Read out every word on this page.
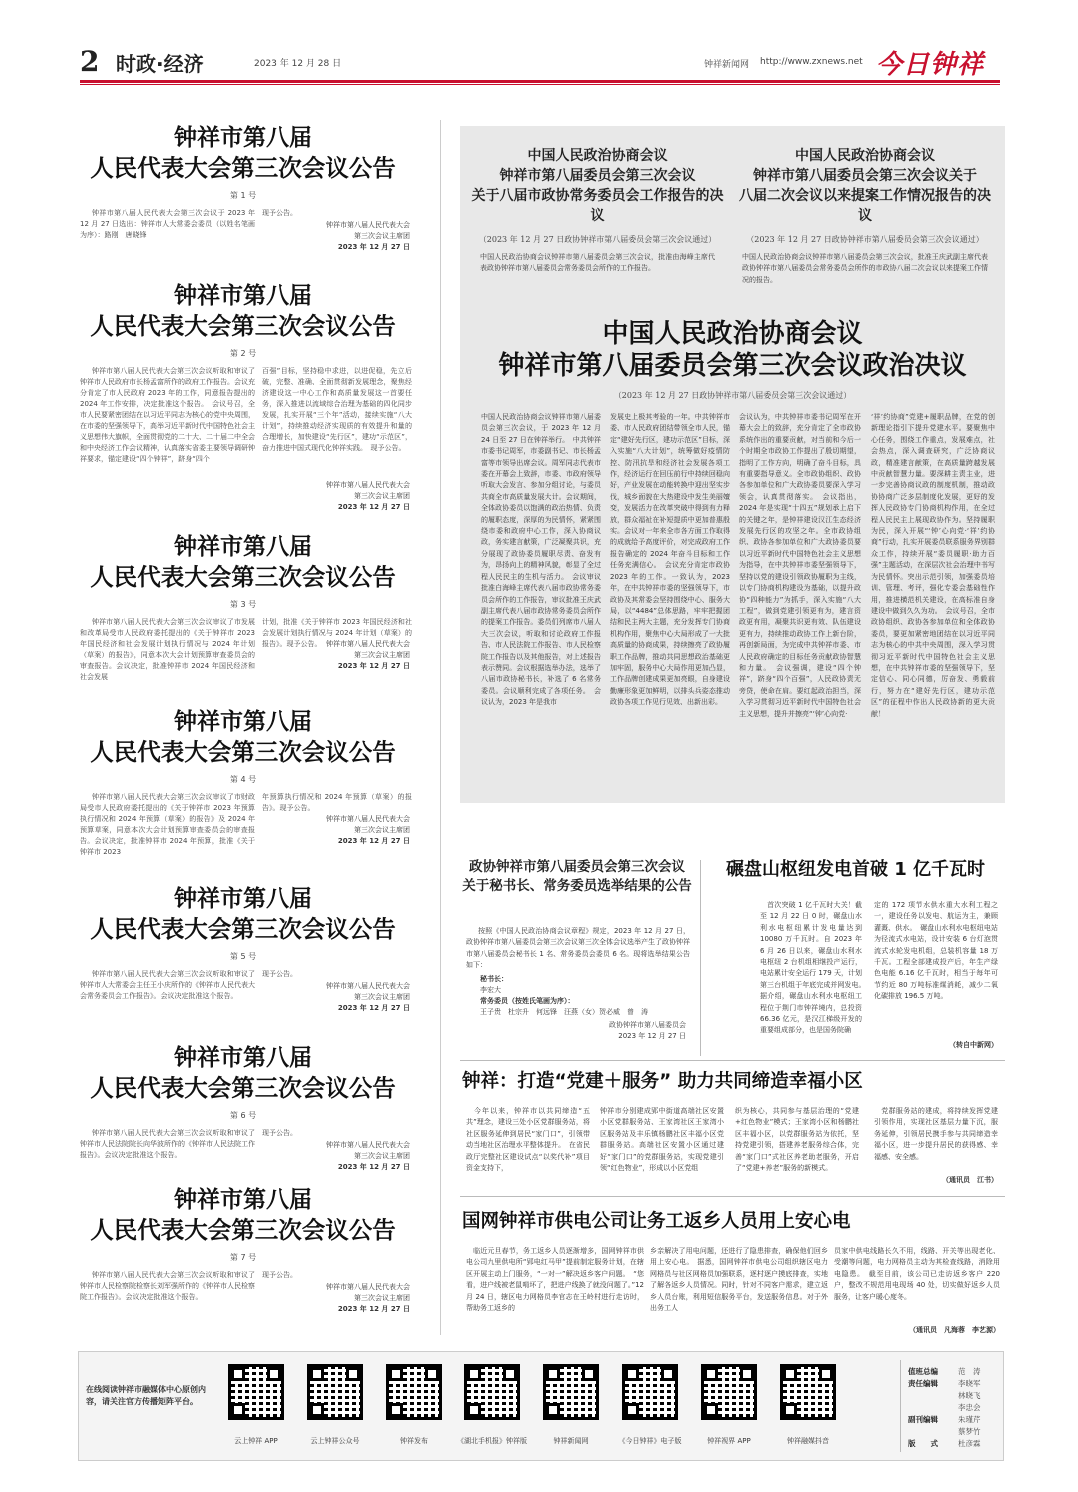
2 时政·经济	2023 年 12 月 28 日	钟祥新闻网 http://www.zxnews.net 今日钟祥
钟祥市第八届
人民代表大会第三次会议公告
第 1 号
钟祥市第八届人民代表大会第三次会议于 2023 年 12 月 27 日选出：钟祥市人大常委会委员（以姓名笔画为序）：路刚　唐晓锋
现予公告。
钟祥市第八届人民代表大会
第三次会议主席团
2023 年 12 月 27 日
钟祥市第八届
人民代表大会第三次会议公告
第 2 号
钟祥市第八届人民代表大会第三次会议听取和审议了钟祥市人民政府市长杨孟富所作的政府工作报告。会议充分肯定了市人民政府 2023 年的工作，同意报告提出的 2024 年工作安排，决定批准这个报告。　会议号召，全市人民要紧密团结在以习近平同志为核心的党中央周围，在市委的坚强领导下，高举习近平新时代中国特色社会主义思想伟大旗帜，全面贯彻党的二十大、二十届二中全会和中央经济工作会议精神，认真落实省委主要领导调研钟祥要求，锚定建设“四个钟祥”，跻身“四个
百强”目标，坚持稳中求进，以进促稳，先立后破，完整、准确、全面贯彻新发展理念，聚焦经济建设这一中心工作和高质量发展这一首要任务，深入推进以流域综合治理为基础的四化同步发展，扎实开展“三个年”活动，接续实施“八大计划”，持续推动经济实现质的有效提升和量的合理增长，加快建设“先行区”，建功“示范区”，奋力推进中国式现代化钟祥实践。　现予公告。
钟祥市第八届人民代表大会
第三次会议主席团
2023 年 12 月 27 日
钟祥市第八届
人民代表大会第三次会议公告
第 3 号
钟祥市第八届人民代表大会第三次会议审议了市发展和改革局受市人民政府委托提出的《关于钟祥市 2023 年国民经济和社会发展计划执行情况与 2024 年计划（草案）的报告》，同意本次大会计划预算审查委员会的审查报告。会议决定，批准钟祥市 2024 年国民经济和社会发展
计划，批准《关于钟祥市 2023 年国民经济和社会发展计划执行情况与 2024 年计划（草案）的报告》。现予公告。 钟祥市第八届人民代表大会
第三次会议主席团
2023 年 12 月 27 日
钟祥市第八届
人民代表大会第三次会议公告
第 4 号
钟祥市第八届人民代表大会第三次会议审议了市财政局受市人民政府委托提出的《关于钟祥市 2023 年预算执行情况和 2024 年预算（草案）的报告》及 2024 年预算草案，同意本次大会计划预算审查委员会的审查报告。会议决定，批准钟祥市 2024 年预算，批准《关于钟祥市 2023
年预算执行情况和 2024 年预算（草案）的报告》。现予公告。
钟祥市第八届人民代表大会
第三次会议主席团
2023 年 12 月 27 日
钟祥市第八届
人民代表大会第三次会议公告
第 5 号
钟祥市第八届人民代表大会第三次会议听取和审议了钟祥市人大常委会主任王小庆所作的《钟祥市人民代表大会常务委员会工作报告》。会议决定批准这个报告。
现予公告。
钟祥市第八届人民代表大会
第三次会议主席团
2023 年 12 月 27 日
钟祥市第八届
人民代表大会第三次会议公告
第 6 号
钟祥市第八届人民代表大会第三次会议听取和审议了钟祥市人民法院院长向华波所作的《钟祥市人民法院工作报告》。会议决定批准这个报告。
现予公告。
钟祥市第八届人民代表大会
第三次会议主席团
2023 年 12 月 27 日
钟祥市第八届
人民代表大会第三次会议公告
第 7 号
钟祥市第八届人民代表大会第三次会议听取和审议了钟祥市人民检察院检察长刘军强所作的《钟祥市人民检察院工作报告》。会议决定批准这个报告。
现予公告。
钟祥市第八届人民代表大会
第三次会议主席团
2023 年 12 月 27 日
中国人民政治协商会议
钟祥市第八届委员会第三次会议
关于八届市政协常务委员会工作报告的决议
（2023 年 12 月 27 日政协钟祥市第八届委员会第三次会议通过）
中国人民政治协商会议钟祥市第八届委员会第三次会议，批准由海峰主席代表政协钟祥市第八届委员会常务委员会所作的工作报告。
中国人民政治协商会议
钟祥市第八届委员会第三次会议关于
八届二次会议以来提案工作情况报告的决议
（2023 年 12 月 27 日政协钟祥市第八届委员会第三次会议通过）
中国人民政治协商会议钟祥市第八届委员会第三次会议，批准王庆武副主席代表政协钟祥市第八届委员会常务委员会所作的市政协八届二次会议以来提案工作情况的报告。
中国人民政治协商会议
钟祥市第八届委员会第三次会议政治决议
（2023 年 12 月 27 日政协钟祥市第八届委员会第三次会议通过）
中国人民政治协商会议钟祥市第八届委员会第三次会议，于 2023 年 12 月 24 日至 27 日在钟祥举行。　中共钟祥市委书记周军，市委副书记、市长杨孟富等市领导出席会议。周军同志代表市委在开幕会上致辞，市委、市政府领导听取大会发言、参加分组讨论，与委员共商全市高质量发展大计。会议期间，全体政协委员以饱满的政治热情、负责的履职态度，深厚的为民情怀，紧紧围绕市委和政府中心工作，深入协商议政，务实建言献策，广泛凝聚共识，充分展现了政协委员履职尽责、奋发有为，昂扬向上的精神风貌，彰显了全过程人民民主的生机与活力。　会议审议批准白海峰主席代表八届市政协常务委员会所作的工作报告，审议批准王庆武副主席代表八届市政协常务委员会所作的提案工作报告。委员们列席市八届人大三次会议，听取和讨论政府工作报告、市人民法院工作报告、市人民检察院工作报告以及其他报告，对上述报告表示赞同。会议根据选举办法，选举了八届市政协秘书长，补选了 6 名常务委员。会议顺利完成了各项任务。　会议认为，2023 年是我市
发展史上极其考验的一年。中共钟祥市委、市人民政府团结带领全市人民，锚定“建好先行区，建功示范区”目标，深入实施“八大计划”，统筹做好疫情防控、防汛抗旱和经济社会发展各项工作，经济运行在回压前行中持续回稳向好，产业发展在动能转换中迎出坚实步伐，城乡面貌在大热建设中发生美丽嬗变，发展活力在改革突破中得到有力释放，群众福祉在补短提质中更加普惠殷实。会议对一年来全市各方面工作取得的成就给予高度评价，对完成政府工作报告确定的 2024 年奋斗目标和工作任务充满信心。　会议充分肯定市政协 2023 年的工作。一致认为，2023 年，在中共钟祥市委的坚强领导下，市政协及其常委会坚持围绕中心、服务大局，以“4484”总体思路，牢牢把握团结和民主两大主题，充分发挥专门协商机构作用，聚焦中心大局形成了一大批高质量的协商成果，持续擦亮了政协履职工作品牌，推动共同思想政治基础更加牢固，服务中心大局作用更加凸显，工作品牌创建成果更加亮眼，自身建设勤廉形象更加鲜明，以排头兵姿态推动政协各项工作见行见效、出新出彩。
会议认为，中共钟祥市委书记周军在开幕大会上的致辞，充分肯定了全市政协系统作出的重要贡献，对当前和今后一个时期全市政协工作提出了殷切期望，指明了工作方向，明确了奋斗目标，具有重要指导意义。全市政协组织、政协各参加单位和广大政协委员要深入学习领会，认真贯彻落实。　会议指出，2024 年是实现“十四五”规划承上启下的关键之年，是钟祥建设汉江生态经济发展先行区的攻坚之年。全市政协组织、政协各参加单位和广大政协委员要以习近平新时代中国特色社会主义思想为指导，在中共钟祥市委坚强领导下，坚持以党的建设引领政协履职为主线，以专门协商机构建设为基础，以提升政协“四种能力”为抓手，深入实施“八大工程”，做到党建引领更有为，建言资政更有用，凝聚共识更有效、队伍建设更有力，持续推动政协工作上新台阶，再创新局面，为完成中共钟祥市委、市人民政府确定的目标任务贡献政协智慧和力量。　会议强调，建设“四个钟祥”，跻身“四个百强”，人民政协责无旁贷，使命在肩。要红起政治担当，深入学习贯彻习近平新时代中国特色社会主义思想，提升并擦亮“‘钟’心向党·
‘祥’约协商”党建+履职品牌，在党的创新理论指引下提升党建水平。要聚焦中心任务，围绕工作重点，发展难点，社会热点，深入调查研究，广泛协商议政，精准建言献策，在高质量跨越发展中贡献智慧力量。要深耕主责主业，进一步完善协商议政的制度机制，推动政协协商广泛多层制度化发展，更好的发挥人民政协专门协商机构作用，在全过程人民民主上展现政协作为。坚持履职为民，深入开展“‘钟’心向党·‘祥’约协商”行动，扎实开展委员联系服务界别群众工作，持续开展“委员履职·助力百强”主题活动，在深层次社会治理中书写为民情怀。突出示范引领，加强委员培训、管理、考评，强化专委会基础性作用，推进横范机关建设，在高标准自身建设中做到久久为功。　会议号召，全市政协组织、政协各参加单位和全体政协委员，要更加紧密地团结在以习近平同志为核心的中共中央周围，深入学习贯彻习近平新时代中国特色社会主义思想，在中共钟祥市委的坚强领导下，坚定信心、同心同德，厉奋发、勇毅前行，努力在“建好先行区，建功示范区”的征程中作出人民政协新的更大贡献！
政协钟祥市第八届委员会第三次会议
关于秘书长、常务委员选举结果的公告
按照《中国人民政治协商会议章程》规定，2023 年 12 月 27 日，政协钟祥市第八届委员会第三次会议第三次全体会议选举产生了政协钟祥市第八届委员会秘书长 1 名、常务委员会委员 6 名。现将选举结果公告如下：
秘书长：
李宏大
常务委员（按姓氏笔画为序）：
王子贵　杜宗升　何远锋　汪燕（女）贺必威　曾　涛
政协钟祥市第八届委员会
2023 年 12 月 27 日
碾盘山枢纽发电首破 1 亿千瓦时
　首次突破 1 亿千瓦时大关！截至 12 月 22 日 0 时，碾盘山水利水电枢纽累计发电量达到 10080 万千瓦时。自 2023 年 6 月 26 日以来，碾盘山水利水电枢纽 2 台机组相继投产运行，电站累计安全运行 179 天，计划第三台机组于年底完成并网发电。　据介绍，碾盘山水利水电枢纽工程位于荆门市钟祥境内，总投资 66.36 亿元，是汉江梯级开发的重要组成部分，也是国务院确
定的 172 项节水供水重大水利工程之一，建设任务以发电、航运为主，兼顾灌溉、供水。　碾盘山水利水电枢纽电站为径流式水电站，设计安装 6 台灯泡贯流式水轮发电机组，总装机容量 18 万千瓦。工程全部建成投产后，年生产绿色电能 6.16 亿千瓦时，相当于每年可节约近 80 万吨标准煤消耗，减少二氧化碳排放 196.5 万吨。
（转自中新网）
钟祥：打造“党建＋服务” 助力共同缔造幸福小区
　今年以来，钟祥市以共同缔造“五共”理念，建设三处小区党群服务站，将社区服务延伸到居民“家门口”，引领带动当地社区治理水平整体提升。　在省民政厅完整社区建设试点“以奖代补”项目资金支持下，
钟祥市分别建成郢中街道高端社区安置小区党群服务站、王家湾社区王家湾小区服务站及丰乐镇杨鹏社区丰福小区党群服务站。高端社区安置小区通过建好“家门口”的党群服务站，实现党建引领“红色物业”，形成以小区党组
织为核心，共同参与基层治理的“党建+红色物业”模式；王家湾小区和杨鹏社区丰福小区，以党群服务站为依托，坚持党建引领，搭建养老服务综合体，完善“家门口”式社区养老助老服务，开启了“党建+养老”服务的新模式。
　党群服务站的建成，将持续发挥党建引领作用，实现社区基层力量下沉，服务延伸，引领居民携手参与共同缔造幸福小区，进一步提升居民的获得感、幸福感、安全感。
（通讯员　江书）
国网钟祥市供电公司让务工返乡人员用上安心电
　临近元旦春节，务工返乡人员逐渐增多，国网钟祥市供电公司九里供电所“郢电红马甲”提前制定服务计划，在辖区开展主动上门服务，“一对一”解决返乡客户问题。　“您看，进户线被老鼠啃坏了，把进户线换了就没问题了。”12 月 24 日，辖区电力网格员李官志在王岭村进行走访时，帮助务工返乡的
乡亲解决了用电问题，还进行了隐患排查，确保他们回乡用上安心电。　据悉，国网钟祥市供电公司组织辖区电力网格员与社区网格员加强联系，逐村逐户摸底排查，实地了解各返乡人员情况。同时，针对不同客户需求，建立返乡人员台账，利用短信服务平台，发送服务信息。对于外出务工人
员家中供电线路长久不用，线路、开关等出现老化、受潮等问题，电力网格员主动为其检查线路，消除用电隐患。　截至目前，该公司已走访返乡客户 220 户，整改不规范用电现场 40 处，切实做好返乡人员服务，让客户暖心度冬。
（通讯员　凡海蓉　李艺源）
在线阅读钟祥市融媒体中心原创内容，请关注官方传播矩阵平台。
云上钟祥 APP	云上钟祥公众号	钟祥发布	《湖北手机报》钟祥版	钟祥新闻网	《今日钟祥》电子版	钟祥视界 APP	钟祥融媒抖音
值班总编	范　涛
责任编辑	李晓军
林晓飞
李忠会
副刊编辑	朱瑾芹
蔡梦竹
版　　式	杜彦霖
